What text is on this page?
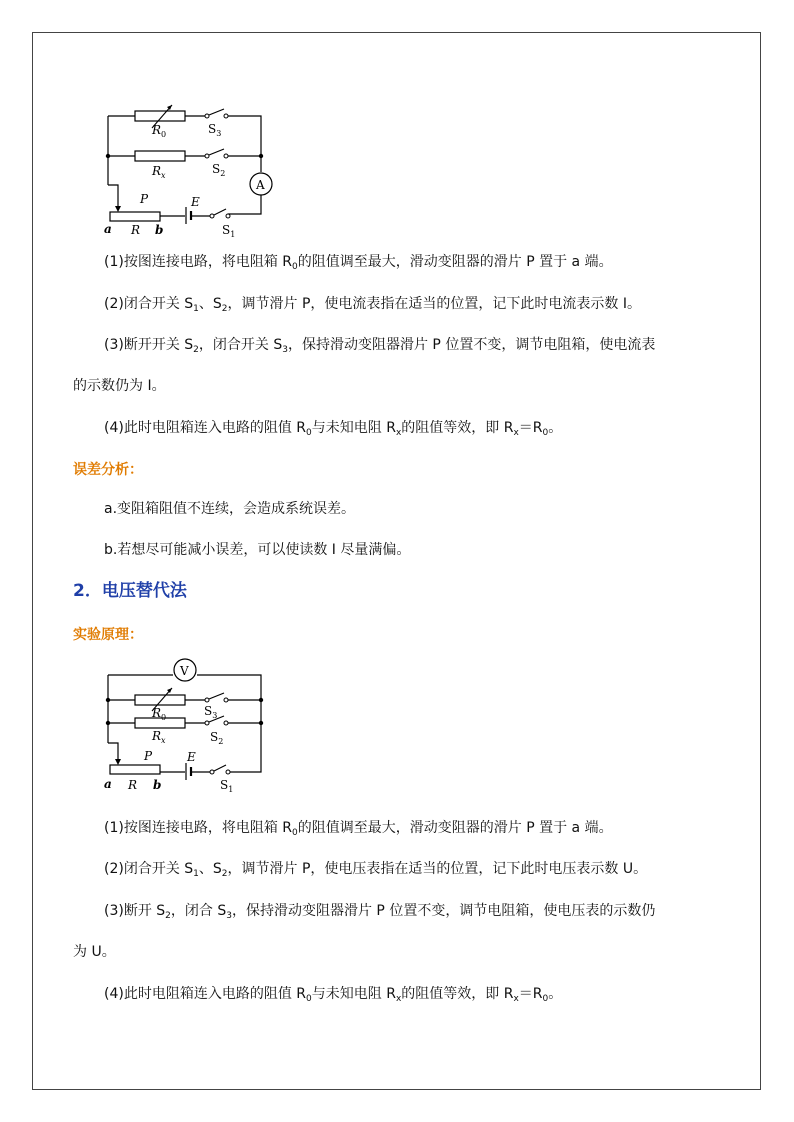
$R_0$	$S_3$
$R_x$	$S_2$
A
P	E
a R b	$S_1$
(1)按图连接电路，将电阻箱 $R_0$的阻值调至最大，滑动变阻器的滑片 P 置于 a 端。
(2)闭合开关 $S_1$、$S_2$，调节滑片 P，使电流表指在适当的位置，记下此时电流表示数 I。
(3)断开开关 $S_2$，闭合开关 $S_3$，保持滑动变阻器滑片 P 位置不变，调节电阻箱，使电流表
的示数仍为 I。
(4)此时电阻箱连入电路的阻值 $R_0$与未知电阻 $R_x$的阻值等效，即 $R_x=R_0$。
误差分析：
a.变阻箱阻值不连续，会造成系统误差。
b.若想尽可能减小误差，可以使读数 I 尽量满偏。
2．电压替代法
实验原理：
V
$R_0$	$S_3$
$R_x$	$S_2$
P	E
a R b	$S_1$
(1)按图连接电路，将电阻箱 $R_0$的阻值调至最大，滑动变阻器的滑片 P 置于 a 端。
(2)闭合开关 $S_1$、$S_2$，调节滑片 P，使电压表指在适当的位置，记下此时电压表示数 U。
(3)断开 $S_2$，闭合 $S_3$，保持滑动变阻器滑片 P 位置不变，调节电阻箱，使电压表的示数仍
为 U。
(4)此时电阻箱连入电路的阻值 $R_0$与未知电阻 $R_x$的阻值等效，即 $R_x=R_0$。
